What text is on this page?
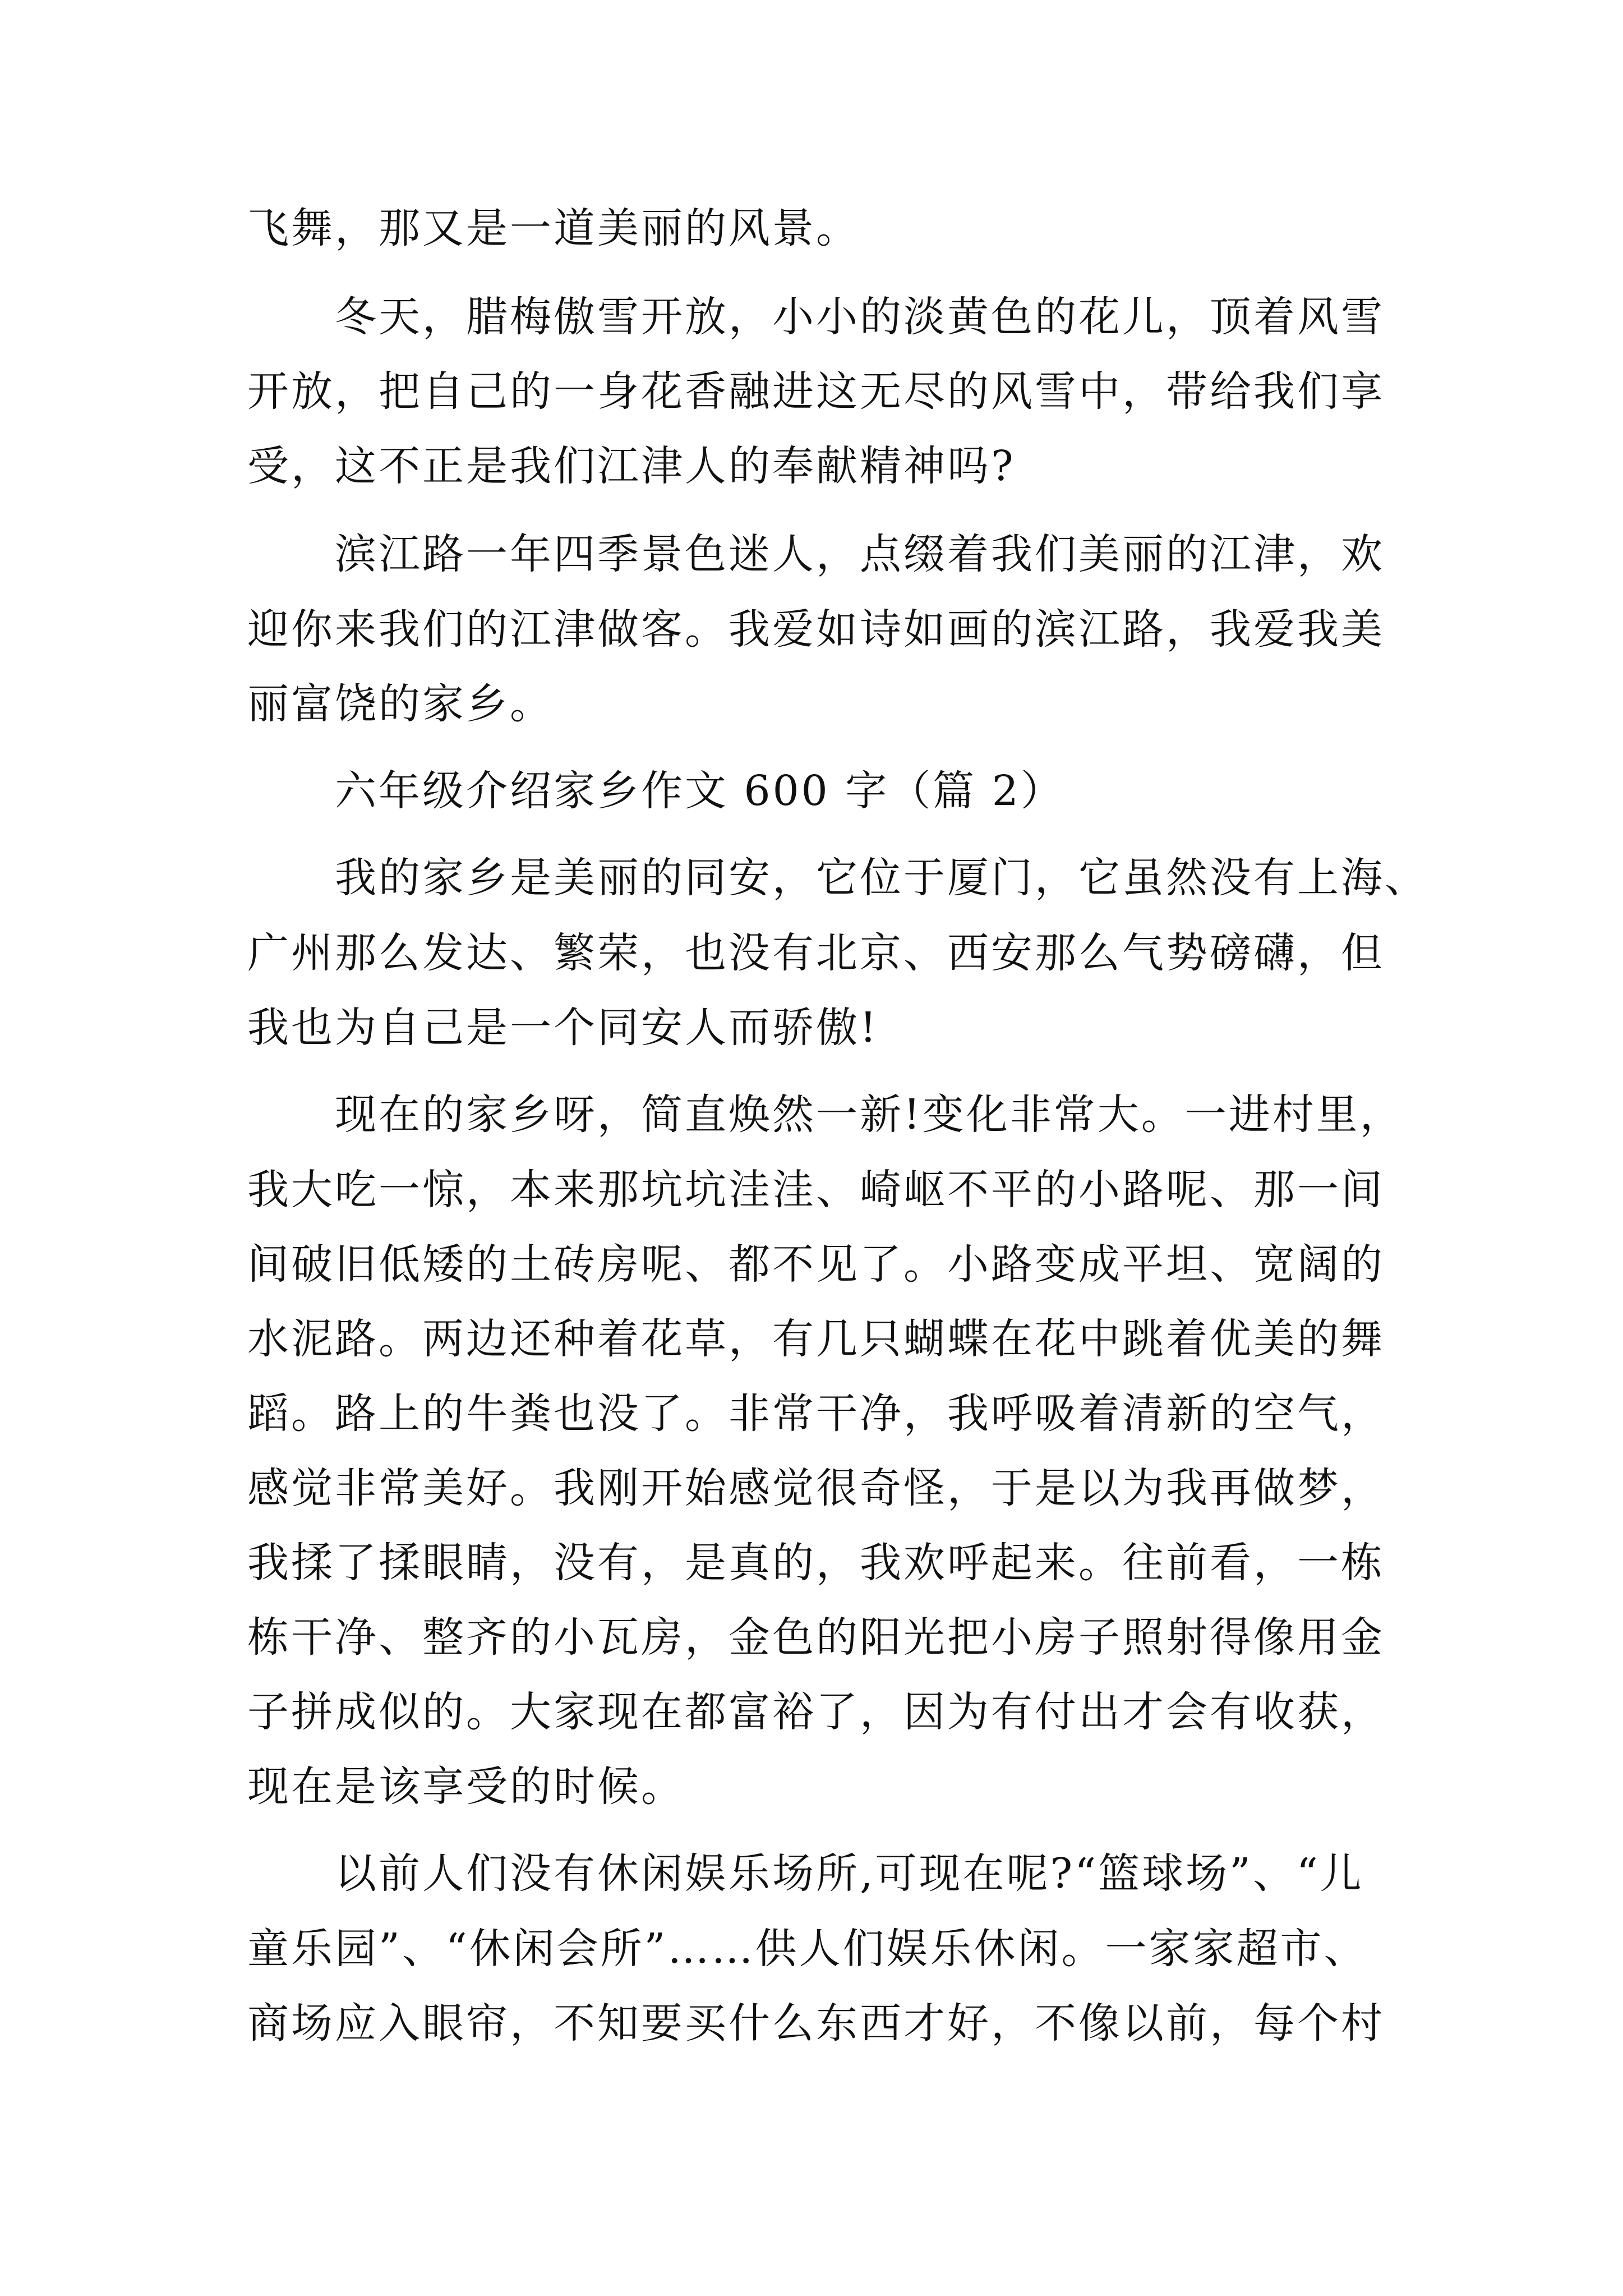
飞舞，那又是一道美丽的风景。
冬天，腊梅傲雪开放，小小的淡黄色的花儿，顶着风雪
开放，把自己的一身花香融进这无尽的风雪中，带给我们享
受，这不正是我们江津人的奉献精神吗?
滨江路一年四季景色迷人，点缀着我们美丽的江津，欢
迎你来我们的江津做客。我爱如诗如画的滨江路，我爱我美
丽富饶的家乡。
六年级介绍家乡作文 600 字（篇 2）
我的家乡是美丽的同安，它位于厦门，它虽然没有上海、
广州那么发达、繁荣，也没有北京、西安那么气势磅礴，但
我也为自己是一个同安人而骄傲!
现在的家乡呀，简直焕然一新!变化非常大。一进村里，
我大吃一惊，本来那坑坑洼洼、崎岖不平的小路呢、那一间
间破旧低矮的土砖房呢、都不见了。小路变成平坦、宽阔的
水泥路。两边还种着花草，有几只蝴蝶在花中跳着优美的舞
蹈。路上的牛粪也没了。非常干净，我呼吸着清新的空气，
感觉非常美好。我刚开始感觉很奇怪，于是以为我再做梦，
我揉了揉眼睛，没有，是真的，我欢呼起来。往前看，一栋
栋干净、整齐的小瓦房，金色的阳光把小房子照射得像用金
子拼成似的。大家现在都富裕了，因为有付出才会有收获，
现在是该享受的时候。
以前人们没有休闲娱乐场所,可现在呢?“篮球场”、“儿
童乐园”、“休闲会所”……供人们娱乐休闲。一家家超市、
商场应入眼帘，不知要买什么东西才好，不像以前，每个村
